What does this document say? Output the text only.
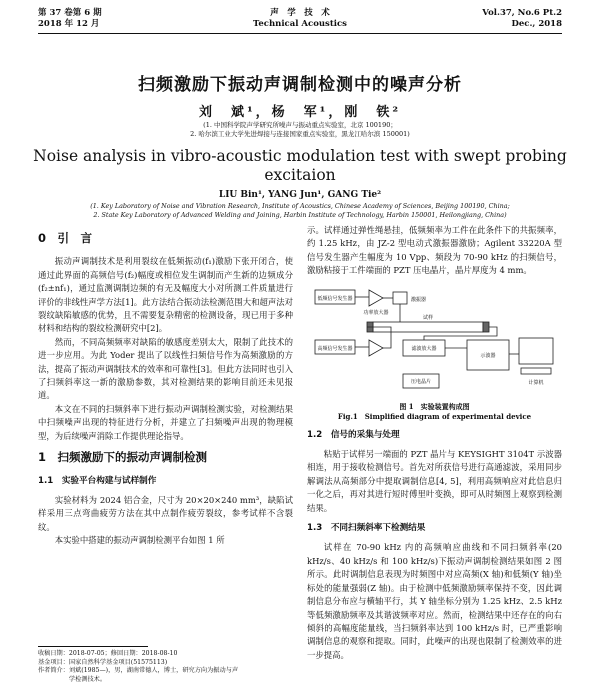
第 37 卷第 6 期
2018 年 12 月
声　学　技　术
Technical Acoustics
Vol.37, No.6 Pt.2
Dec., 2018
扫频激励下振动声调制检测中的噪声分析
刘　斌¹，杨　军¹，刚　铁²
(1. 中国科学院声学研究所噪声与振动重点实验室，北京 100190；
2. 哈尔滨工业大学先进焊接与连接国家重点实验室，黑龙江哈尔滨 150001)
Noise analysis in vibro-acoustic modulation test with swept probing excitaion
LIU Bin¹, YANG Jun¹, GANG Tie²
(1. Key Laboratory of Noise and Vibration Research, Institute of Acoustics, Chinese Academy of Sciences, Beijing 100190, China;
2. State Key Laboratory of Advanced Welding and Joining, Harbin Institute of Technology, Harbin 150001, Heilongjiang, China)
0　引　言

振动声调制技术是利用裂纹在低频振动(f₁)激励下张开闭合，使通过此界面的高频信号(f₂)幅度或相位发生调制而产生新的边频成分(f₂±nf₁)，通过监测调制边频的有无及幅度大小对所测工件质量进行评价的非线性声学方法[1]。此方法结合振动法检测范围大和超声法对裂纹缺陷敏感的优势，且不需要复杂精密的检测设备，现已用于多种材料和结构的裂纹检测研究中[2]。

然而，不同高频频率对缺陷的敏感度差别太大，限制了此技术的进一步应用。为此 Yoder 提出了以线性扫频信号作为高频激励的方法，提高了振动声调制技术的效率和可靠性[3]。但此方法同时也引入了扫频斜率这一新的激励参数，其对检测结果的影响目前还未见报道。

本文在不同的扫频斜率下进行振动声调制检测实验，对检测结果中扫频噪声出现的特征进行分析，并建立了扫频噪声出现的物理模型，为后续噪声消除工作提供理论指导。

1　扫频激励下的振动声调制检测
1.1　实验平台构建与试样制作

实验材料为 2024 铝合金，尺寸为 20×20×240 mm³，缺陷试样采用三点弯曲疲劳方法在其中点制作疲劳裂纹，参考试样不含裂纹。

本实验中搭建的振动声调制检测平台如图 1 所

收稿日期：2018-07-05；修回日期：2018-08-10
基金项目：国家自然科学基金项目(51575113)
作者简介：刘斌(1985—)，男，湖南常德人，博士，研究方向为振动与声
　　　　　学检测技术。

示。试样通过弹性绳悬挂，低频频率为工件在此条件下的共振频率，约 1.25 kHz，由 JZ-2 型电动式激振器激励；Agilent 33220A 型信号发生器产生幅度为 10 Vpp、频段为 70-90 kHz 的扫频信号，激励粘接于工件端面的 PZT 压电晶片，晶片厚度为 4 mm。

低频信号发生器
功率放大器
激振器
试样
高频信号发生器	滤波放大器
示波器
计算机
压电晶片
图 1　实验装置构成图
Fig.1　Simplified diagram of experimental device
1.2　信号的采集与处理

粘贴于试样另一端面的 PZT 晶片与 KEYSIGHT 3104T 示波器相连，用于接收检测信号。首先对所获信号进行高通滤波，采用同步解调法从高频部分中提取调制信息[4, 5]，利用高频响应对此信息归一化之后，再对其进行短时傅里叶变换，即可从时频图上观察到检测结果。

1.3　不同扫频斜率下检测结果

试样在 70-90 kHz 内的高频响应曲线和不同扫频斜率(20 kHz/s、40 kHz/s 和 100 kHz/s)下振动声调制检测结果如图 2 图所示。此时调制信息表现为时频图中对应高频(X 轴)和低频(Y 轴)坐标处的能量强弱(Z 轴)。由于检测中低频激励频率保持不变，因此调制信息分布应与横轴平行，其 Y 轴坐标分别为 1.25 kHz、2.5 kHz 等低频激励频率及其谐波频率对应。然而，检测结果中还存在的向右倾斜的高幅度能量线，当扫频斜率达到 100 kHz/s 时，已严重影响调制信息的观察和提取。同时，此噪声的出现也限制了检测效率的进一步提高。
